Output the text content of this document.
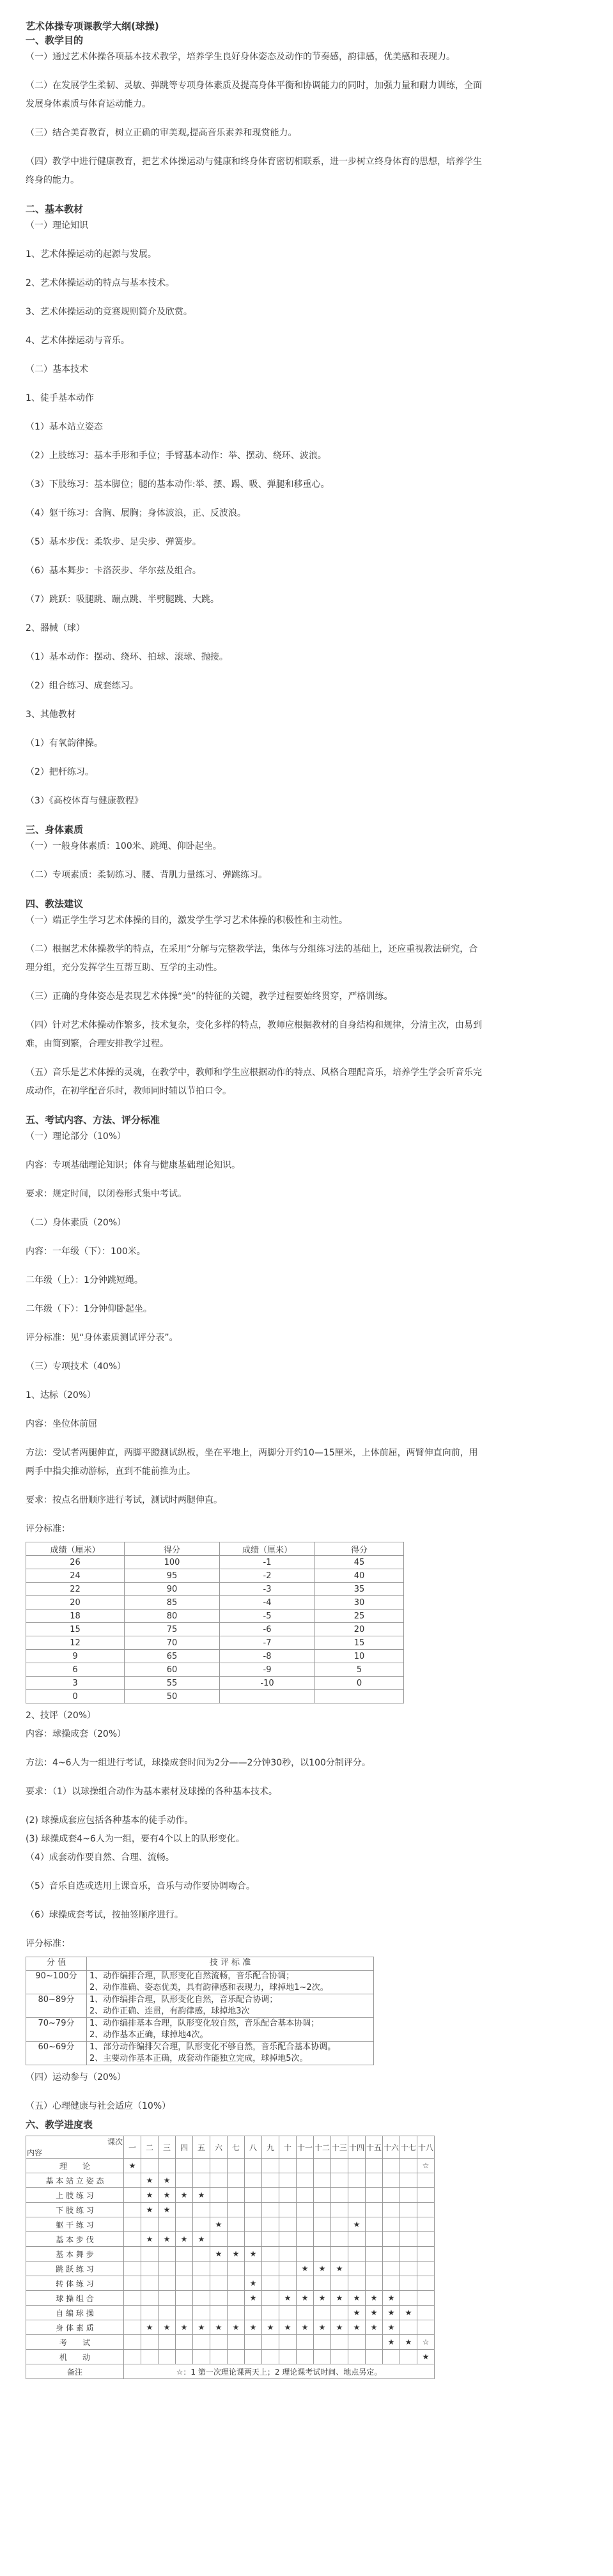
艺术体操专项课教学大纲(球操)
一、教学目的
（一）通过艺术体操各项基本技术教学，培养学生良好身体姿态及动作的节奏感，韵律感，优美感和表现力。
（二）在发展学生柔韧、灵敏、弹跳等专项身体素质及提高身体平衡和协调能力的同时，加强力量和耐力训练，全面
发展身体素质与体育运动能力。
（三）结合美育教育，树立正确的审美观,提高音乐素养和现赏能力。
（四）教学中进行健康教育，把艺术体操运动与健康和终身体育密切相联系，进一步树立终身体育的思想，培养学生
终身的能力。
二、基本教材
（一）理论知识
1、艺术体操运动的起源与发展。
2、艺术体操运动的特点与基本技术。
3、艺术体操运动的竞赛规则简介及欣赏。
4、艺术体操运动与音乐。
（二）基本技术
1、徒手基本动作
（1）基本站立姿态
（2）上肢练习：基本手形和手位；手臂基本动作：举、摆动、绕环、波浪。
（3）下肢练习：基本脚位；腿的基本动作:举、摆、踢、吸、弹腿和移重心。
（4）躯干练习：含胸、展胸；身体波浪，正、反波浪。
（5）基本步伐：柔软步、足尖步、弹簧步。
（6）基本舞步：卡洛茨步、华尔兹及组合。
（7）跳跃：吸腿跳、蹦点跳、半劈腿跳、大跳。
2、器械（球）
（1）基本动作：摆动、绕环、拍球、滚球、抛接。
（2）组合练习、成套练习。
3、其他教材
（1）有氧韵律操。
（2）把杆练习。
（3）《高校体育与健康教程》
三、身体素质
（一）一般身体素质：100米、跳绳、仰卧起坐。
（二）专项素质：柔韧练习、腰、背肌力量练习、弹跳练习。
四、教法建议
（一）端正学生学习艺术体操的目的，激发学生学习艺术体操的积极性和主动性。
（二）根据艺术体操教学的特点，在采用“分解与完整教学法，集体与分组练习法的基础上，还应重视教法研究，合
理分组，充分发挥学生互帮互助、互学的主动性。
（三）正确的身体姿态是表现艺术体操“美”的特征的关键，教学过程要始终贯穿，严格训练。
（四）针对艺术体操动作繁多，技术复杂，变化多样的特点，教师应根据教材的自身结构和规律，分清主次，由易到
难，由简到繁，合理安排教学过程。
（五）音乐是艺术体操的灵魂，在教学中，教师和学生应根据动作的特点、风格合理配音乐，培养学生学会听音乐完
成动作，在初学配音乐时，教师同时辅以节拍口令。
五、考试内容、方法、评分标准
（一）理论部分（10%）
内容：专项基础理论知识；体育与健康基础理论知识。
要求：规定时间，以闭卷形式集中考试。
（二）身体素质（20%）
内容：一年级（下）：100米。
二年级（上）：1分钟跳短绳。
二年级（下）：1分钟仰卧起坐。
评分标准：见“身体素质测试评分表”。
（三）专项技术（40%）
1、达标（20%）
内容：坐位体前屈
方法：受试者两腿伸直，两脚平蹬测试纵板，坐在平地上，两脚分开约10—15厘米，上体前屈，两臂伸直向前，用
两手中指尖推动游标，直到不能前推为止。
要求：按点名册顺序进行考试，测试时两腿伸直。
评分标准：
成绩（厘米）	得分	成绩（厘米）	得分
26	100	-1	45
24	95	-2	40
22	90	-3	35
20	85	-4	30
18	80	-5	25
15	75	-6	20
12	70	-7	15
9	65	-8	10
6	60	-9	5
3	55	-10	0
0	50		
2、技评（20%）
内容：球操成套（20%）
方法：4~6人为一组进行考试，球操成套时间为2分——2分钟30秒，以100分制评分。
要求：（1）以球操组合动作为基本素材及球操的各种基本技术。
(2) 球操成套应包括各种基本的徒手动作。
(3) 球操成套4~6人为一组，要有4个以上的队形变化。
（4）成套动作要自然、合理、流畅。
（5）音乐自选或选用上课音乐，音乐与动作要协调吻合。
（6）球操成套考试，按抽签顺序进行。
评分标准：
分 值	技 评 标 准
90~100分	1、动作编排合理，队形变化自然流畅，音乐配合协调；
2、动作准确、姿态优美，具有韵律感和表现力，球掉地1~2次。

80~89分	1、动作编排合理，队形变化自然，音乐配合协调；
2、动作正确、连贯，有韵律感，球掉地3次

70~79分	1、动作编排基本合理，队形变化较自然，音乐配合基本协调；
2、动作基本正确，球掉地4次。

60~69分	1、部分动作编排欠合理，队形变化不够自然，音乐配合基本协调。
2、主要动作基本正确，成套动作能独立完成，球掉地5次。
（四）运动参与（20%）
（五）心理健康与社会适应（10%）
六、教学进度表
课次
内容	一	二	三	四	五	六	七	八	九	十	十一	十二	十三	十四	十五	十六	十七	十八
理　　论	★																	☆
基 本 站 立 姿 态		★	★															
上 肢 练 习		★	★	★	★													
下 肢 练 习		★	★															
躯 干 练 习						★								★				
基 本 步 伐		★	★	★	★													
基 本 舞 步						★	★	★										
跳 跃 练 习											★	★	★					
转 体 练 习								★										
球 操 组 合								★		★	★	★	★	★	★	★		
自 编 球 操														★	★	★	★	
身 体 素 质		★	★	★	★	★	★	★	★	★	★	★	★	★	★	★		
考　　试																★	★	☆
机　　动																		★
备注	☆：1 第一次理论课两天上；2 理论课考试时间、地点另定。																	
